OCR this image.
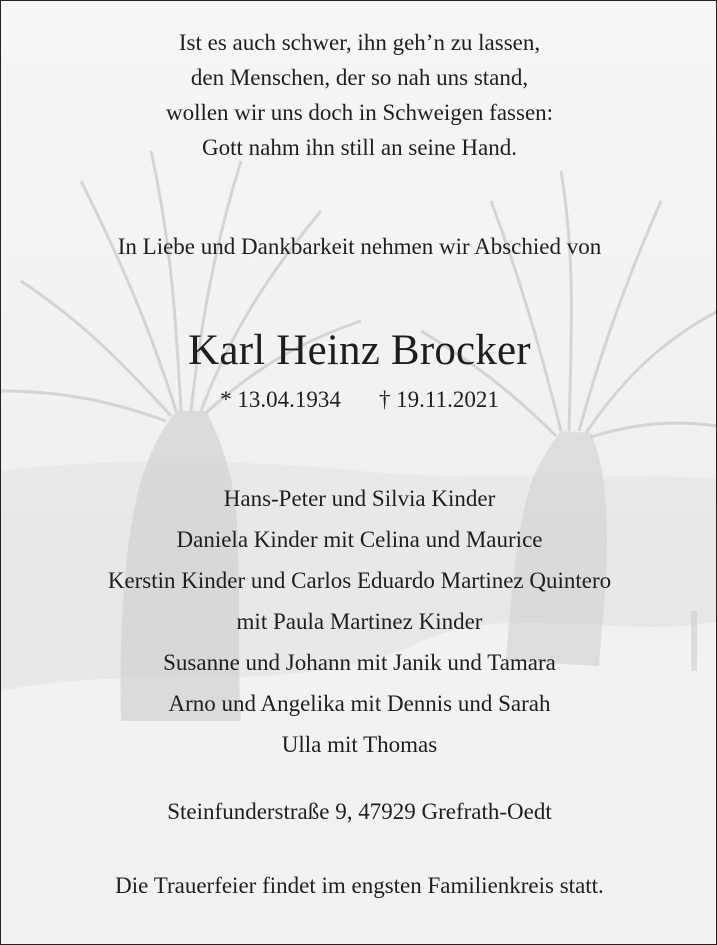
Ist es auch schwer, ihn geh’n zu lassen,
den Menschen, der so nah uns stand,
wollen wir uns doch in Schweigen fassen:
Gott nahm ihn still an seine Hand.
In Liebe und Dankbarkeit nehmen wir Abschied von
Karl Heinz Brocker
* 13.04.1934 † 19.11.2021
Hans-Peter und Silvia Kinder
Daniela Kinder mit Celina und Maurice
Kerstin Kinder und Carlos Eduardo Martinez Quintero
mit Paula Martinez Kinder
Susanne und Johann mit Janik und Tamara
Arno und Angelika mit Dennis und Sarah
Ulla mit Thomas
Steinfunderstraße 9, 47929 Grefrath-Oedt
Die Trauerfeier findet im engsten Familienkreis statt.
